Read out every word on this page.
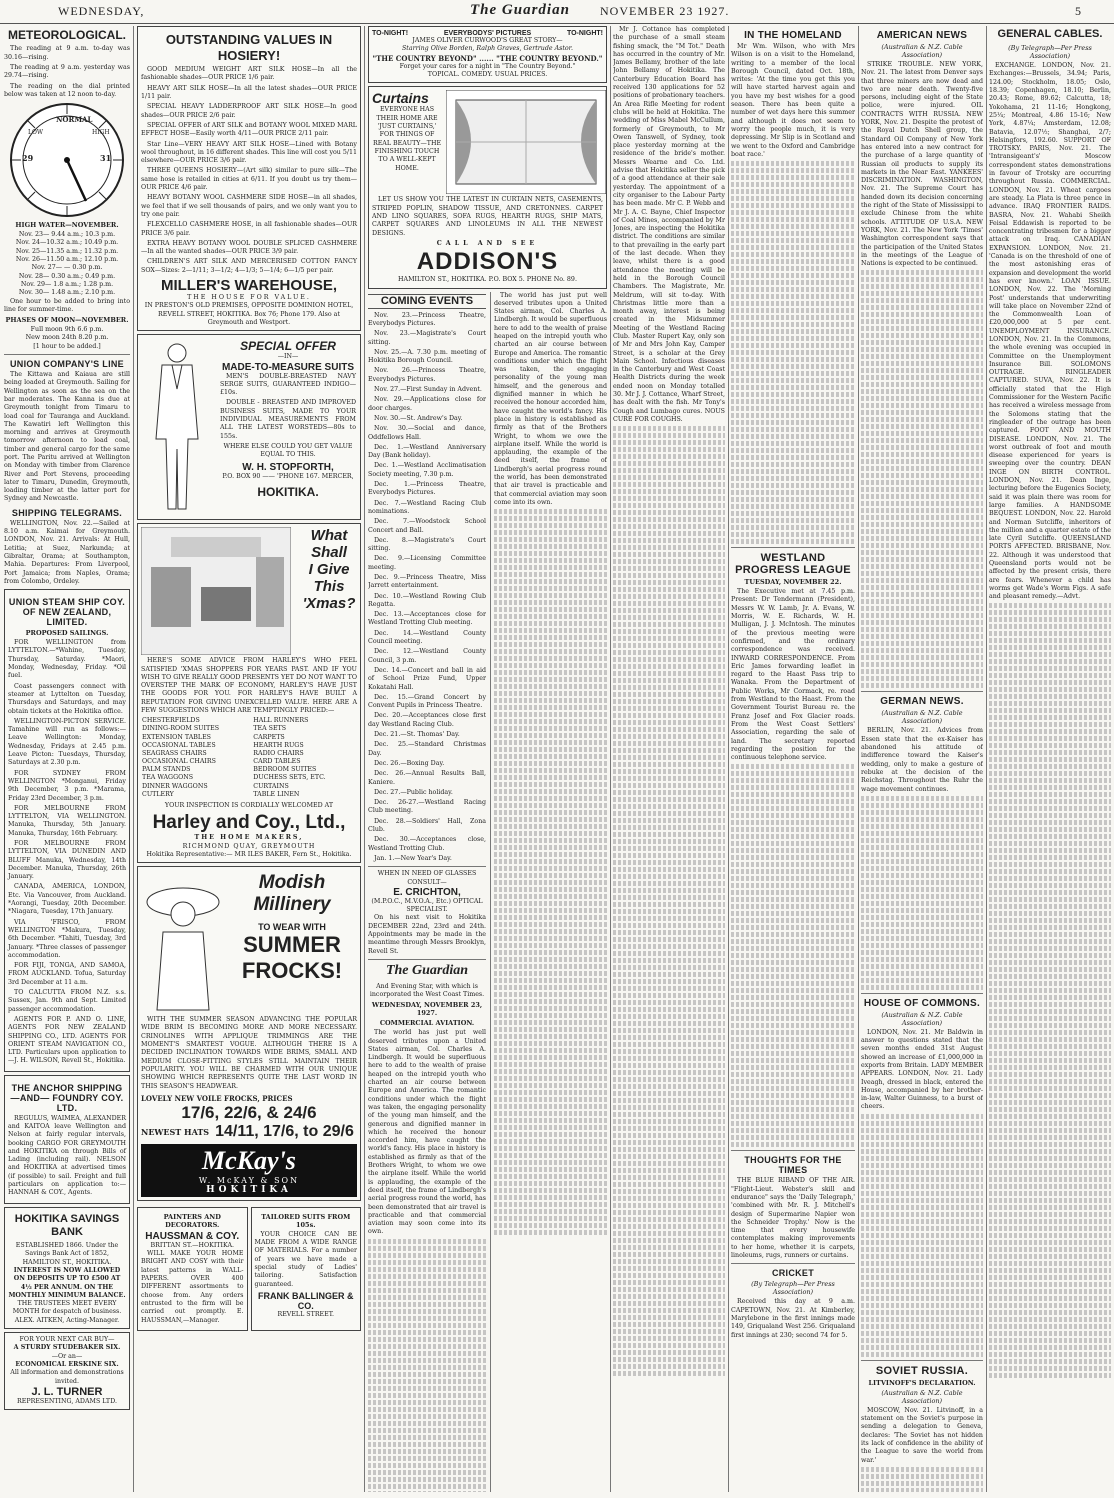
WEDNESDAY,	The Guardian	NOVEMBER 23 1927.	5
METEOROLOGICAL.
The reading at 9 a.m. to-day was 30.16—rising.
The reading at 9 a.m. yesterday was 29.74—rising.
The reading on the dial printed below was taken at 12 noon to-day.
NORMAL
29	31
LOW	HIGH
HIGH WATER—NOVEMBER.
Nov. 23— 9.44 a.m.; 10.3 p.m.
Nov. 24—10.32 a.m.; 10.49 p.m.
Nov. 25—11.35 a.m.; 11.32 p.m.
Nov. 26—11.50 a.m.; 12.10 p.m.
Nov. 27— — 0.30 p.m.
Nov. 28— 0.30 a.m.; 0.49 p.m.
Nov. 29— 1.8 a.m.; 1.28 p.m.
Nov. 30— 1.48 a.m.; 2.10 p.m.
One hour to be added to bring into line for summer-time.
PHASES OF MOON—NOVEMBER.
Full moon 9th 6.6 p.m.
New moon 24th 8.20 p.m.
[1 hour to be added.]
UNION COMPANY'S LINE
The Kittawa and Kaiaua are still being loaded at Greymouth. Sailing for Wellington as soon as the sea on the bar moderates. The Kanna is due at Greymouth tonight from Timaru to load coal for Tauranga and Auckland. The Kawatiri left Wellington this morning and arrives at Greymouth tomorrow afternoon to load coal, timber and general cargo for the same port. The Paritu arrived at Wellington on Monday with timber from Clarence River and Port Stevens, proceeding later to Timaru, Dunedin, Greymouth, loading timber at the latter port for Sydney and Newcastle.
SHIPPING TELEGRAMS.
WELLINGTON, Nov. 22.—Sailed at 8.10 a.m. Kaimai for Greymouth. LONDON, Nov. 21. Arrivals: At Hull, Letitia; at Suez, Narkunda; at Gibraltar, Orama; at Southampton, Mahia. Departures: From Liverpool, Port Jamaica; from Naples, Orama; from Colombo, Ordeley.
UNION STEAM SHIP COY. OF NEW ZEALAND, LIMITED.
PROPOSED SAILINGS.
FOR WELLINGTON from LYTTELTON.—*Wahine, Tuesday, Thursday, Saturday. *Maori, Monday, Wednesday, Friday. *Oil fuel.
Coast passengers connect with steamer at Lyttelton on Tuesday, Thursdays and Saturdays, and may obtain tickets at the Hokitika office.
WELLINGTON-PICTON SERVICE. Tamahine will run as follows:— Leave Wellington: Monday, Wednesday, Fridays at 2.45 p.m. Leave Picton: Tuesdays, Thursday, Saturdays at 2.30 p.m.
FOR SYDNEY FROM WELLINGTON *Monganui, Friday 9th December, 3 p.m. *Marama, Friday 23rd December, 3 p.m.
FOR MELBOURNE FROM LYTTELTON, VIA WELLINGTON. Manuka, Thursday, 5th January. Manuka, Thursday, 16th February.
FOR MELBOURNE FROM LYTTELTON, VIA DUNEDIN AND BLUFF Manuka, Wednesday, 14th December. Manuka, Thursday, 26th January.
CANADA, AMERICA, LONDON, Etc. Via Vancouver, from Auckland. *Aorangi, Tuesday, 20th December. *Niagara, Tuesday, 17th January.
VIA 'FRISCO, FROM WELLINGTON *Makura, Tuesday, 6th December. *Tahiti, Tuesday, 3rd January. *Three classes of passenger accommodation.
FOR FIJI, TONGA, AND SAMOA, FROM AUCKLAND. Tofua, Saturday 3rd December at 11 a.m.
TO CALCUTTA FROM N.Z. s.s. Sussex, Jan. 9th and Sept. Limited passenger accommodation.
AGENTS FOR P. AND O. LINE, AGENTS FOR NEW ZEALAND SHIPPING CO., LTD. AGENTS FOR ORIENT STEAM NAVIGATION CO., LTD. Particulars upon application to—J. H. WILSON, Revell St., Hokitika.
THE ANCHOR SHIPPING —AND— FOUNDRY COY. LTD.
REGULUS, WAIMEA, ALEXANDER and KAITOA leave Wellington and Nelson at fairly regular intervals, booking CARGO FOR GREYMOUTH and HOKITIKA on through Bills of Lading (including rail). NELSON and HOKITIKA at advertised times (if possible) to sail. Freight and full particulars on application to:— HANNAH & COY., Agents.
HOKITIKA SAVINGS BANK
ESTABLISHED 1866. Under the Savings Bank Act of 1852, HAMILTON ST., HOKITIKA.
INTEREST IS NOW ALLOWED ON DEPOSITS UP TO £500 AT 4½ PER ANNUM. ON THE MONTHLY MINIMUM BALANCE.
THE TRUSTEES MEET EVERY MONTH for despatch of business. ALEX. AITKEN, Acting-Manager.
FOR YOUR NEXT CAR BUY—
A STURDY STUDEBAKER SIX.
—Or an—
ECONOMICAL ERSKINE SIX.
All information and demonstrations invited.
J. L. TURNER
REPRESENTING, ADAMS LTD.
OUTSTANDING VALUES IN HOSIERY!
GOOD MEDIUM WEIGHT ART SILK HOSE—In all the fashionable shades—OUR PRICE 1/6 pair.
HEAVY ART SILK HOSE—In all the latest shades—OUR PRICE 1/11 pair.
SPECIAL HEAVY LADDERPROOF ART SILK HOSE—In good shades—OUR PRICE 2/6 pair.
SPECIAL OFFER of ART SILK and BOTANY WOOL MIXED MARL EFFECT HOSE—Easily worth 4/11—OUR PRICE 2/11 pair.
Star Line—VERY HEAVY ART SILK HOSE—Lined with Botany wool throughout, in 16 different shades. This line will cost you 5/11 elsewhere—OUR PRICE 3/6 pair.
THREE QUEENS HOSIERY—(Art silk) similar to pure silk—The same hose is retailed in cities at 6/11. If you doubt us try them—OUR PRICE 4/6 pair.
HEAVY BOTANY WOOL CASHMERE SIDE HOSE—in all shades, we feel that if we sell thousands of pairs, and we only want you to try one pair.
FLEXCELLO CASHMERE HOSE, in all fashionable shades—OUR PRICE 3/6 pair.
EXTRA HEAVY BOTANY WOOL DOUBLE SPLICED CASHMERE—In all the wanted shades—OUR PRICE 3/9 pair.
CHILDREN'S ART SILK AND MERCERISED COTTON FANCY SOX—Sizes: 2—1/11; 3—1/2; 4—1/3; 5—1/4; 6—1/5 per pair.
MILLER'S WAREHOUSE,
THE HOUSE FOR VALUE.
IN PRESTON'S OLD PREMISES, OPPOSITE DOMINION HOTEL, REVELL STREET, HOKITIKA. Box 76; Phone 179. Also at Greymouth and Westport.
SPECIAL OFFER
—IN—
MADE-TO-MEASURE SUITS
MEN'S DOUBLE-BREASTED NAVY SERGE SUITS, GUARANTEED INDIGO—£10s.
DOUBLE - BREASTED AND IMPROVED BUSINESS SUITS, MADE TO YOUR INDIVIDUAL MEASUREMENTS FROM ALL THE LATEST WORSTEDS—80s to 155s.
WHERE ELSE COULD YOU GET VALUE EQUAL TO THIS.
W. H. STOPFORTH,
P.O. BOX 90 —— 'PHONE 167. MERCER,
HOKITIKA.
What
Shall
I Give
This
'Xmas?
HERE'S SOME ADVICE FROM HARLEY'S WHO FEEL SATISFIED 'XMAS SHOPPERS FOR YEARS PAST. AND IF YOU WISH TO GIVE REALLY GOOD PRESENTS YET DO NOT WANT TO OVERSTEP THE MARK OF ECONOMY, HARLEY'S HAVE JUST THE GOODS FOR YOU. FOR HARLEY'S HAVE BUILT A REPUTATION FOR GIVING UNEXCELLED VALUE. HERE ARE A FEW SUGGESTIONS WHICH ARE TEMPTINGLY PRICED:—
CHESTERFIELDS	HALL RUNNERS
DINING-ROOM SUITES	TEA SETS
EXTENSION TABLES	CARPETS
OCCASIONAL TABLES	HEARTH RUGS
SEAGRASS CHAIRS	RADIO CHAIRS
OCCASIONAL CHAIRS	CARD TABLES
PALM STANDS	BEDROOM SUITES
TEA WAGGONS	DUCHESS SETS, ETC.
DINNER WAGGONS	CURTAINS
CUTLERY	TABLE LINEN
YOUR INSPECTION IS CORDIALLY WELCOMED AT
Harley and Coy., Ltd.,
THE HOME MAKERS,
RICHMOND QUAY, GREYMOUTH
Hokitika Representative:— MR ILES BAKER, Fern St., Hokitika.
Modish Millinery
TO WEAR WITH
SUMMER
FROCKS!
WITH THE SUMMER SEASON ADVANCING THE POPULAR WIDE BRIM IS BECOMING MORE AND MORE NECESSARY. CRINOLINES WITH APPLIQUE TRIMMINGS ARE THE MOMENT'S SMARTEST VOGUE. ALTHOUGH THERE IS A DECIDED INCLINATION TOWARDS WIDE BRIMS, SMALL AND MEDIUM CLOSE-FITTING STYLES STILL MAINTAIN THEIR POPULARITY. YOU WILL BE CHARMED WITH OUR UNIQUE SHOWING WHICH REPRESENTS QUITE THE LAST WORD IN THIS SEASON'S HEADWEAR.
LOVELY NEW VOILE FROCKS, PRICES
17/6, 22/6, & 24/6
NEWEST HATS 14/11, 17/6, to 29/6
McKay's
W. McKAY & SON
HOKITIKA
PAINTERS AND DECORATORS.
HAUSSMAN & COY.
BRITTAN ST.—HOKITIKA.
WILL MAKE YOUR HOME BRIGHT AND COSY with their latest patterns in WALL-PAPERS. OVER 400 DIFFERENT assortments to choose from. Any orders entrusted to the firm will be carried out promptly. E. HAUSSMAN,—Manager.
TAILORED SUITS FROM 105s.
YOUR CHOICE CAN BE MADE FROM A WIDE RANGE OF MATERIALS. For a number of years we have made a special study of Ladies' tailoring. Satisfaction guaranteed.
FRANK BALLINGER & CO.
REVELL STREET.
TO-NIGHT!	EVERYBODYS' PICTURES	TO-NIGHT!
JAMES OLIVER CURWOOD'S GREAT STORY—
Starring Olive Borden, Ralph Graves, Gertrude Astor.
"THE COUNTRY BEYOND" ...... "THE COUNTRY BEYOND."
Forget your cares for a night in "The Country Beyond."
TOPICAL. COMEDY. USUAL PRICES.
Curtains
EVERYONE HAS THEIR HOME ARE 'JUST CURTAINS,' FOR THINGS OF REAL BEAUTY—THE FINISHING TOUCH TO A WELL-KEPT HOME.
LET US SHOW YOU THE LATEST IN CURTAIN NETS, CASEMENTS, STRIPED POPLIN, SHADOW TISSUE, AND CRETONNES. CARPET AND LINO SQUARES, SOFA RUGS, HEARTH RUGS, SHIP MATS, CARPET SQUARES AND LINOLEUMS IN ALL THE NEWEST DESIGNS.
CALL AND SEE
ADDISON'S
HAMILTON ST., HOKITIKA. P.O. BOX 5. PHONE No. 89.
COMING EVENTS
Nov. 23.—Princess Theatre, Everybodys Pictures.
Nov. 23.—Magistrate's Court sitting.
Nov. 25.—A. 7.30 p.m. meeting of Hokitika Borough Council.
Nov. 26.—Princess Theatre, Everybodys Pictures.
Nov. 27.—First Sunday in Advent.
Nov. 29.—Applications close for door charges.
Nov. 30.—St. Andrew's Day.
Nov. 30.—Social and dance, Oddfellows Hall.
Dec. 1.—Westland Anniversary Day (Bank holiday).
Dec. 1.—Westland Acclimatisation Society meeting, 7.30 p.m.
Dec. 1.—Princess Theatre, Everybodys Pictures.
Dec. 7.—Westland Racing Club nominations.
Dec. 7.—Woodstock School Concert and Ball.
Dec. 8.—Magistrate's Court sitting.
Dec. 9.—Licensing Committee meeting.
Dec. 9.—Princess Theatre, Miss Jarrett entertainment.
Dec. 10.—Westland Rowing Club Regatta.
Dec. 13.—Acceptances close for Westland Trotting Club meeting.
Dec. 14.—Westland County Council meeting.
Dec. 12.—Westland County Council, 3 p.m.
Dec. 14.—Concert and ball in aid of School Prize Fund, Upper Kokatahi Hall.
Dec. 15.—Grand Concert by Convent Pupils in Princess Theatre.
Dec. 20.—Acceptances close first day Westland Racing Club.
Dec. 21.—St. Thomas' Day.
Dec. 25.—Standard Christmas Day.
Dec. 26.—Boxing Day.
Dec. 26.—Annual Results Ball, Kaniere.
Dec. 27.—Public holiday.
Dec. 26-27.—Westland Racing Club meeting.
Dec. 28.—Soldiers' Hall, Zona Club.
Dec. 30.—Acceptances close, Westland Trotting Club.
Jan. 1.—New Year's Day.
WHEN IN NEED OF GLASSES CONSULT—
E. CRICHTON,
(M.P.O.C., M.V.O.A., Etc.) OPTICAL SPECIALIST.
On his next visit to Hokitika DECEMBER 22nd, 23rd and 24th. Appointments may be made in the meantime through Messrs Brooklyn, Revell St.
The Guardian
And Evening Star, with which is incorporated the West Coast Times.
WEDNESDAY, NOVEMBER 23, 1927.
COMMERCIAL AVIATION.
The world has just put well deserved tributes upon a United States airman, Col. Charles A. Lindbergh. It would be superfluous here to add to the wealth of praise heaped on the intrepid youth who charted an air course between Europe and America. The romantic conditions under which the flight was taken, the engaging personality of the young man himself, and the generous and dignified manner in which he received the honour accorded him, have caught the world's fancy. His place in history is established as firmly as that of the Brothers Wright, to whom we owe the airplane itself. While the world is applauding, the example of the deed itself, the frame of Lindbergh's aerial progress round the world, has been demonstrated that air travel is practicable and that commercial aviation may soon come into its own.
The world has just put well deserved tributes upon a United States airman, Col. Charles A. Lindbergh. It would be superfluous here to add to the wealth of praise heaped on the intrepid youth who charted an air course between Europe and America. The romantic conditions under which the flight was taken, the engaging personality of the young man himself, and the generous and dignified manner in which he received the honour accorded him, have caught the world's fancy. His place in history is established as firmly as that of the Brothers Wright, to whom we owe the airplane itself. While the world is applauding, the example of the deed itself, the frame of Lindbergh's aerial progress round the world, has been demonstrated that air travel is practicable and that commercial aviation may soon come into its own.
Mr J. Cottance has completed the purchase of a small steam fishing smack, the "M Tot." Death has occurred in the country of Mr. James Bellamy, brother of the late John Bellamy of Hokitika. The Canterbury Education Board has received 130 applications for 52 positions of probationary teachers. An Area Rifle Meeting for rodent clubs will be held at Hokitika. The wedding of Miss Mabel McCullum, formerly of Greymouth, to Mr Owen Tanswell, of Sydney, took place yesterday morning at the residence of the bride's mother. Messrs Wearne and Co. Ltd. advise that Hokitika seller the pick of a good attendance at their sale yesterday. The appointment of a city organiser to the Labour Party has been made. Mr C. P. Webb and Mr J. A. C. Bayne, Chief Inspector of Coal Mines, accompanied by Mr Jones, are inspecting the Hokitika district. The conditions are similar to that prevailing in the early part of the last decade. When they leave, whilst there is a good attendance the meeting will be held in the Borough Council Chambers. The Magistrate, Mr. Meldrum, will sit to-day. With Christmas little more than a month away, interest is being created in the Midsummer Meeting of the Westland Racing Club. Master Rupert Kay, only son of Mr and Mrs John Kay, Camper Street, is a scholar at the Grey Main School. Infectious diseases in the Canterbury and West Coast Health Districts during the week ended noon on Monday totalled 30. Mr J. J. Cottance, Wharf Street, has dealt with the fish. Mr Tony's Cough and Lumbago cures. NOUS CURE FOR COUGHS.
IN THE HOMELAND
Mr Wm. Wilson, who with Mrs Wilson is on a visit to the Homeland, writing to a member of the local Borough Council, dated Oct. 18th, writes: 'At the time you get this you will have started harvest again and you have my best wishes for a good season. There has been quite a number of wet days here this summer and although it does not seem to worry the people much, it is very depressing. Mr Slip is in Scotland and we went to the Oxford and Cambridge boat race.'
WESTLAND PROGRESS LEAGUE
TUESDAY, NOVEMBER 22.
The Executive met at 7.45 p.m. Present: Dr Tendermann (President), Messrs W. W. Lamb, Jr. A. Evans, W. Morris, W. E. Richards, W. H. Mulligan, J. J. McIntosh. The minutes of the previous meeting were confirmed, and the ordinary correspondence was received. INWARD CORRESPONDENCE. From Eric James forwarding leaflet in regard to the Haast Pass trip to Wanaka. From the Department of Public Works, Mr Cormack, re. road from Westland to the Haast. From the Government Tourist Bureau re. the Franz Josef and Fox Glacier roads. From the West Coast Settlers' Association, regarding the sale of land. The secretary reported regarding the position for the continuous telephone service.
THOUGHTS FOR THE TIMES
THE BLUE RIBAND OF THE AIR. "Flight-Lieut. Webster's skill and endurance" says the 'Daily Telegraph,' 'combined with Mr. R. J. Mitchell's design of Supermarine Napier won the Schneider Trophy.' Now is the time that every housewife contemplates making improvements to her home, whether it is carpets, linoleums, rugs, runners or curtains.
CRICKET
(By Telegraph—Per Press Association)
Received this day at 9 a.m. CAPETOWN, Nov. 21. At Kimberley, Marylebone in the first innings made 149, Griqualand West 256. Griqualand first innings at 230; second 74 for 5.
AMERICAN NEWS
(Australian & N.Z. Cable Association)
STRIKE TROUBLE. NEW YORK, Nov. 21. The latest from Denver says that three miners are now dead and two are near death. Twenty-five persons, including eight of the State police, were injured. OIL CONTRACTS WITH RUSSIA. NEW YORK, Nov. 21. Despite the protest of the Royal Dutch Shell group, the Standard Oil Company of New York has entered into a new contract for the purchase of a large quantity of Russian oil products to supply its markets in the Near East. YANKEES' DISCRIMINATION. WASHINGTON, Nov. 21. The Supreme Court has handed down its decision concerning the right of the State of Mississippi to exclude Chinese from the white schools. ATTITUDE OF U.S.A. NEW YORK, Nov. 21. The New York 'Times' Washington correspondent says that the participation of the United States in the meetings of the League of Nations is expected to be continued.
GERMAN NEWS.
(Australian & N.Z. Cable Association)
BERLIN, Nov. 21. Advices from Essen state that the ex-Kaiser has abandoned his attitude of indifference toward the Kaiser's wedding, only to make a gesture of rebuke at the decision of the Reichstag. Throughout the Ruhr the wage movement continues.
HOUSE OF COMMONS.
(Australian & N.Z. Cable Association)
LONDON, Nov. 21. Mr Baldwin in answer to questions stated that the seven months ended 31st August showed an increase of £1,000,000 in exports from Britain. LADY MEMBER APPEARS. LONDON, Nov. 21. Lady Iveagh, dressed in black, entered the House, accompanied by her brother-in-law, Walter Guinness, to a burst of cheers.
SOVIET RUSSIA.
LITVINOFF'S DECLARATION.
(Australian & N.Z. Cable Association)
MOSCOW, Nov. 21. Litvinoff, in a statement on the Soviet's purpose in sending a delegation to Geneva, declares: 'The Soviet has not hidden its lack of confidence in the ability of the League to save the world from war.'
GENERAL CABLES.
(By Telegraph—Per Press Association)
EXCHANGE. LONDON, Nov. 21. Exchanges:—Brussels, 34.94; Paris, 124.00; Stockholm, 18.05; Oslo, 18.39; Copenhagen, 18.10; Berlin, 20.43; Rome, 89.62; Calcutta, 18; Yokohama, 21 11-16; Hongkong, 25¼; Montreal, 4.86 15-16; New York, 4.87¼; Amsterdam, 12.08; Batavia, 12.07½; Shanghai, 2/7; Helsingfors, 192.60. SUPPORT OF TROTSKY. PARIS, Nov. 21. The 'Intransigeant's' Moscow correspondent states demonstrations in favour of Trotsky are occurring throughout Russia. COMMERCIAL. LONDON, Nov. 21. Wheat cargoes are steady. La Plata is three pence in advance. IRAQ FRONTIER RAIDS. BASRA, Nov. 21. Wahabi Sheikh Feisal Eddawish is reported to be concentrating tribesmen for a bigger attack on Iraq. CANADIAN EXPANSION. LONDON, Nov. 21. 'Canada is on the threshold of one of the most astonishing eras of expansion and development the world has ever known.' LOAN ISSUE. LONDON, Nov. 22. The 'Morning Post' understands that underwriting will take place on November 22nd of the Commonwealth Loan of £20,000,000 at 5 per cent. UNEMPLOYMENT INSURANCE. LONDON, Nov. 21. In the Commons, the whole evening was occupied in Committee on the Unemployment Insurance Bill. SOLOMONS OUTRAGE. RINGLEADER CAPTURED. SUVA, Nov. 22. It is officially stated that the High Commissioner for the Western Pacific has received a wireless message from the Solomons stating that the ringleader of the outrage has been captured. FOOT AND MOUTH DISEASE. LONDON, Nov. 21. The worst outbreak of foot and mouth disease experienced for years is sweeping over the country. DEAN INGE ON BIRTH CONTROL. LONDON, Nov. 21. Dean Inge, lecturing before the Eugenics Society, said it was plain there was room for large families. A HANDSOME BEQUEST. LONDON, Nov. 22. Harold and Norman Sutcliffe, inheritors of the million and a quarter estate of the late Cyril Sutcliffe. QUEENSLAND PORTS AFFECTED. BRISBANE, Nov. 22. Although it was understood that Queensland ports would not be affected by the present crisis, there are fears. Whenever a child has worms get Wade's Worm Figs. A safe and pleasant remedy.—Advt.
